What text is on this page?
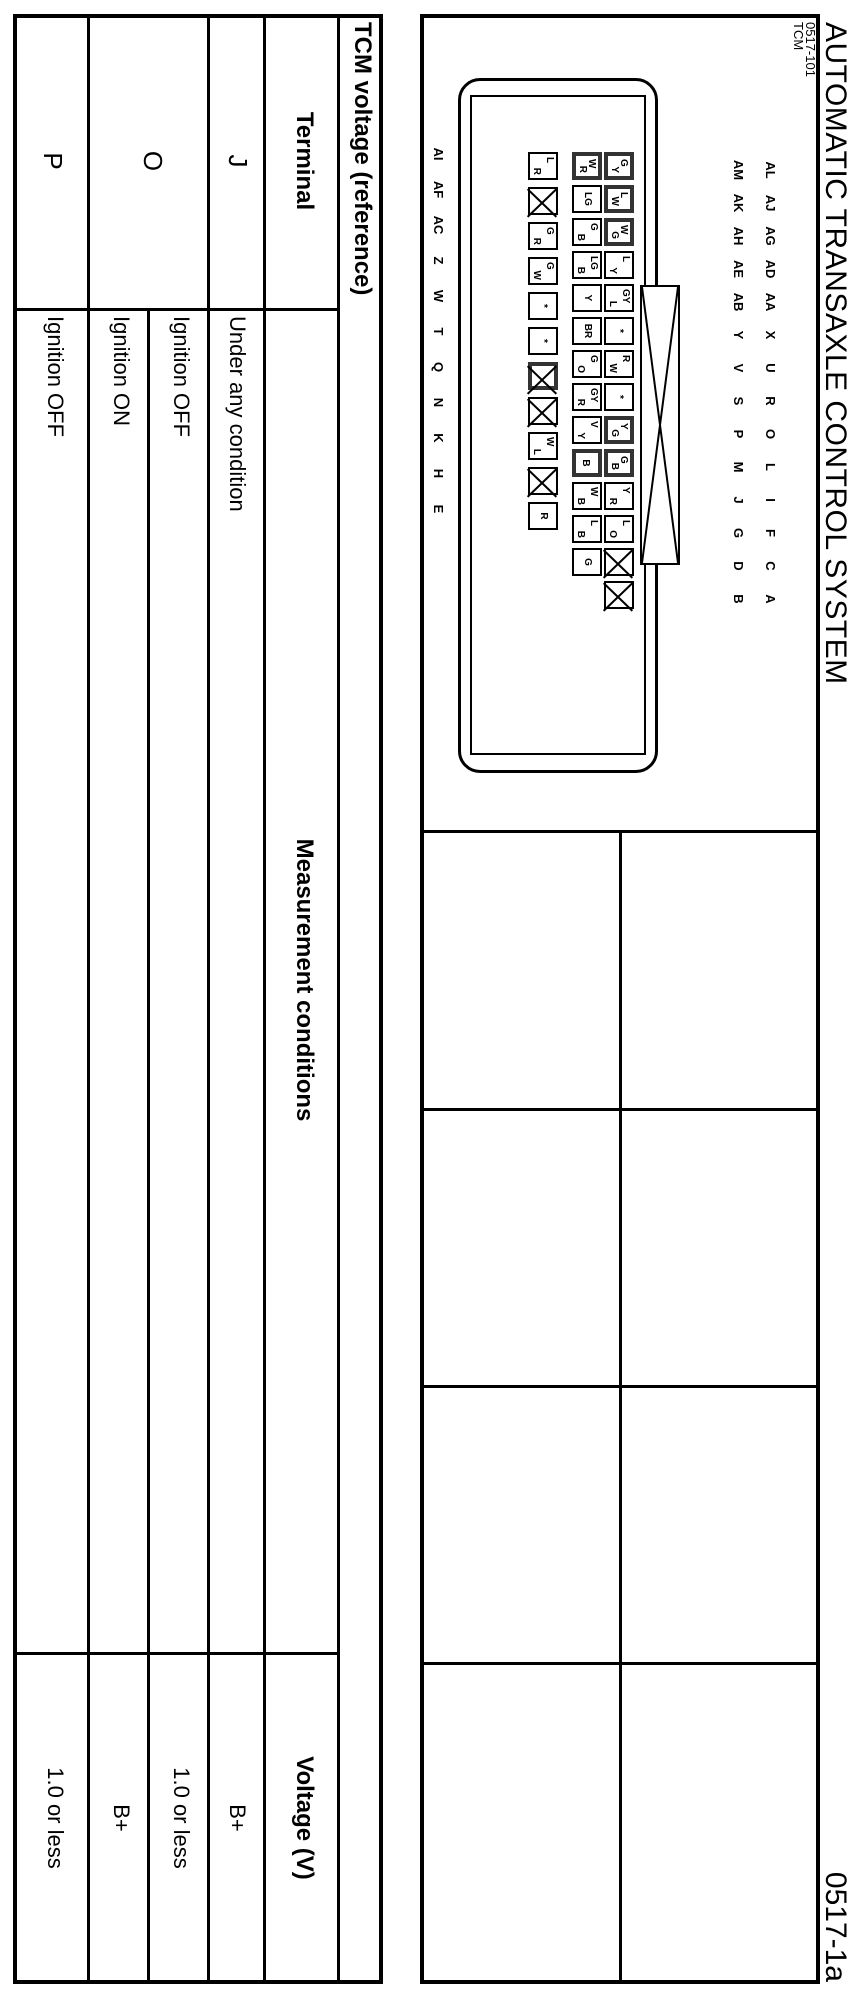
AUTOMATIC TRANSAXLE CONTROL SYSTEM
0517-1a
0517-101
TCM
AL
AJ
AG
AD
AA
X
U
R
O
L
I
F
C
A
AM
AK
AH
AE
AB
Y
V
S
P
M
J
G
D
B
AI
AF
AC
Z
W
T
Q
N
K
H
E
G
Y
L
W
W
G
L
Y
GY
L
*
R
W
*
Y
G
G
B
Y
R
L
O
W
R
LG
G
B
LG
B
Y
BR
G
O
GY
R
V
Y
B
W
B
L
B
G
L
R
G
R
G
W
*
*
W
L
R
TCM voltage (reference)
Terminal
Measurement conditions
Voltage (V)
J
Under any condition
B+
O
Ignition OFF
1.0 or less
Ignition ON
B+
P
Ignition OFF
1.0 or less
